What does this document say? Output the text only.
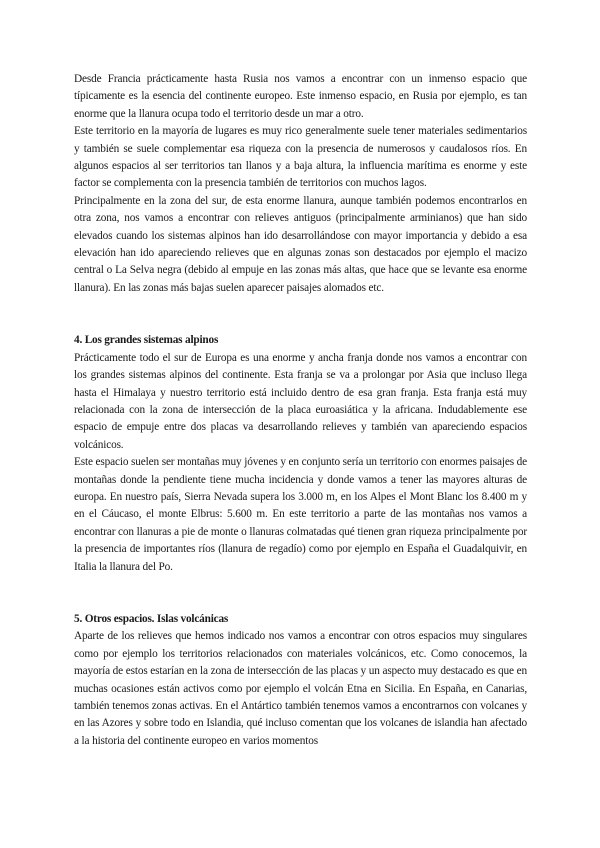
Desde Francia prácticamente hasta Rusia nos vamos a encontrar con un inmenso espacio que típicamente es la esencia del continente europeo. Este inmenso espacio, en Rusia por ejemplo, es tan enorme que la llanura ocupa todo el territorio desde un mar a otro.

Este territorio en la mayoría de lugares es muy rico generalmente suele tener materiales sedimentarios y también se suele complementar esa riqueza con la presencia de numerosos y caudalosos ríos. En algunos espacios al ser territorios tan llanos y a baja altura, la influencia marítima es enorme y este factor se complementa con la presencia también de territorios con muchos lagos.

Principalmente en la zona del sur, de esta enorme llanura, aunque también podemos encontrarlos en otra zona, nos vamos a encontrar con relieves antiguos (principalmente arminianos) que han sido elevados cuando los sistemas alpinos han ido desarrollándose con mayor importancia y debido a esa elevación han ido apareciendo relieves que en algunas zonas son destacados por ejemplo el macizo central o La Selva negra (debido al empuje en las zonas más altas, que hace que se levante esa enorme llanura). En las zonas más bajas suelen aparecer paisajes alomados etc.

4. Los grandes sistemas alpinos

Prácticamente todo el sur de Europa es una enorme y ancha franja donde nos vamos a encontrar con los grandes sistemas alpinos del continente. Esta franja se va a prolongar por Asia que incluso llega hasta el Himalaya y nuestro territorio está incluido dentro de esa gran franja. Esta franja está muy relacionada con la zona de intersección de la placa euroasiática y la africana. Indudablemente ese espacio de empuje entre dos placas va desarrollando relieves y también van apareciendo espacios volcánicos.

Este espacio suelen ser montañas muy jóvenes y en conjunto sería un territorio con enormes paisajes de montañas donde la pendiente tiene mucha incidencia y donde vamos a tener las mayores alturas de europa. En nuestro país, Sierra Nevada supera los 3.000 m, en los Alpes el Mont Blanc los 8.400 m y en el Cáucaso, el monte Elbrus: 5.600 m. En este territorio a parte de las montañas nos vamos a encontrar con llanuras a pie de monte o llanuras colmatadas qué tienen gran riqueza principalmente por la presencia de importantes ríos (llanura de regadío) como por ejemplo en España el Guadalquivir, en Italia la llanura del Po.

5. Otros espacios. Islas volcánicas

Aparte de los relieves que hemos indicado nos vamos a encontrar con otros espacios muy singulares como por ejemplo los territorios relacionados con materiales volcánicos, etc. Como conocemos, la mayoría de estos estarían en la zona de intersección de las placas y un aspecto muy destacado es que en muchas ocasiones están activos como por ejemplo el volcán Etna en Sicilia. En España, en Canarias, también tenemos zonas activas. En el Antártico también tenemos vamos a encontrarnos con volcanes y en las Azores y sobre todo en Islandia, qué incluso comentan que los volcanes de islandia han afectado a la historia del continente europeo en varios momentos
